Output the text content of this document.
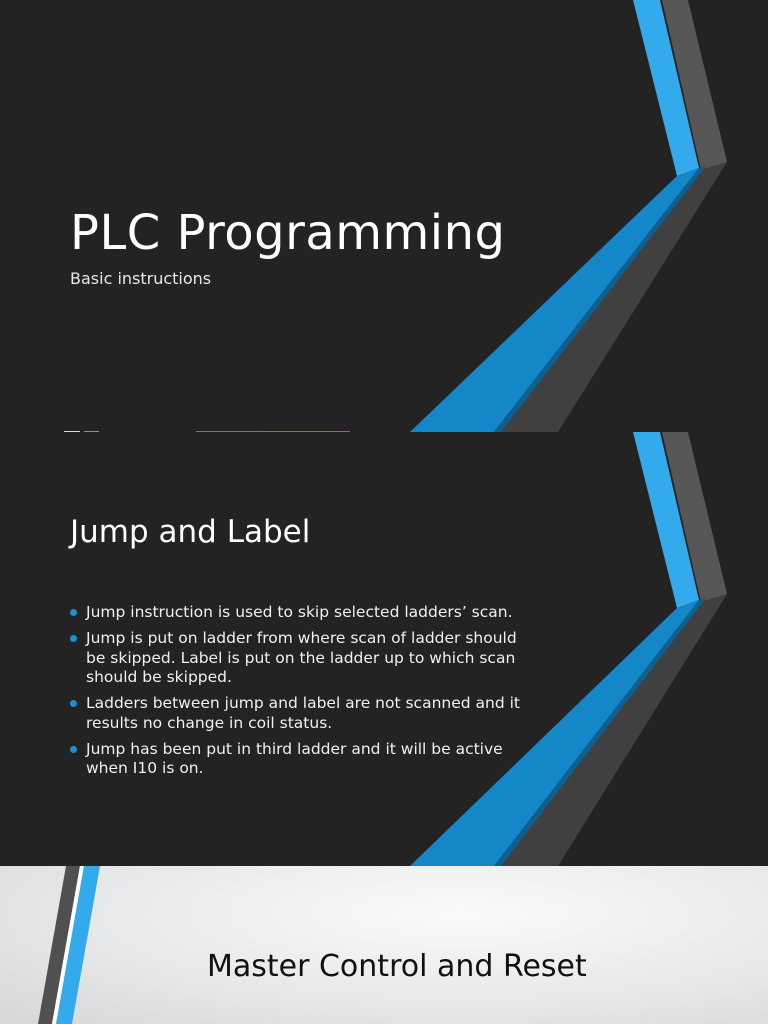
PLC Programming

Basic instructions

Jump and Label
Jump instruction is used to skip selected ladders’ scan.
Jump is put on ladder from where scan of ladder should be skipped. Label is put on the ladder up to which scan should be skipped.
Ladders between jump and label are not scanned and it results no change in coil status.
Jump has been put in third ladder and it will be active when I10 is on.
Master Control and Reset
